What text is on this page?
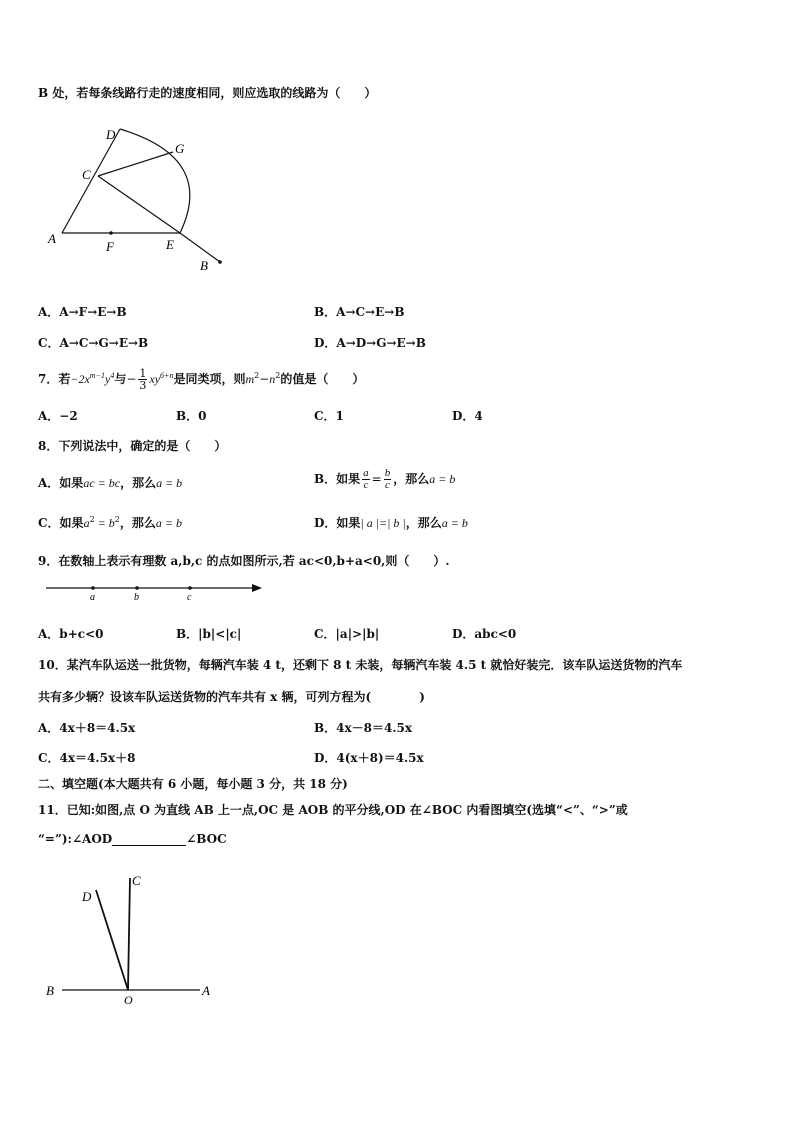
B 处，若每条线路行走的速度相同，则应选取的线路为（　　）
D
G
C
A
F	E
B
A．A→F→E→B	B．A→C→E→B
C．A→C→G→E→B	D．A→D→G→E→B
7．若$-2x^{m-1}y^4$与− $\frac{1}{3} xy^{6+n}$是同类项，则$m^2-n^2$的值是（　　）
A．−2	B．0	C．1	D．4
8．下列说法中，确定的是（　　）
A．如果ac = bc，那么a = b	B．如果 $\frac{a}{c} = \frac{b}{c}$ ，那么a = b
C．如果$a^2 = b^2$，那么a = b	D．如果| a |=| b |，那么a = b
9．在数轴上表示有理数 a,b,c 的点如图所示,若 ac<0,b+a<0,则（　　）.
a	b	c
A．b+c<0	B．|b|<|c|	C．|a|>|b|	D．abc<0
10．某汽车队运送一批货物，每辆汽车装 4 t，还剩下 8 t 未装，每辆汽车装 4.5 t 就恰好装完．该车队运送货物的汽车
共有多少辆？设该车队运送货物的汽车共有 x 辆，可列方程为(　　　　)
A．4x＋8＝4.5x	B．4x－8＝4.5x
C．4x＝4.5x＋8	D．4(x＋8)＝4.5x
二、填空题(本大题共有 6 小题，每小题 3 分，共 18 分)
11．已知:如图,点 O 为直线 AB 上一点,OC 是 AOB 的平分线,OD 在∠BOC 内看图填空(选填“<”、“>”或
“=”):∠AOD	∠BOC
C
D
B
O
A
